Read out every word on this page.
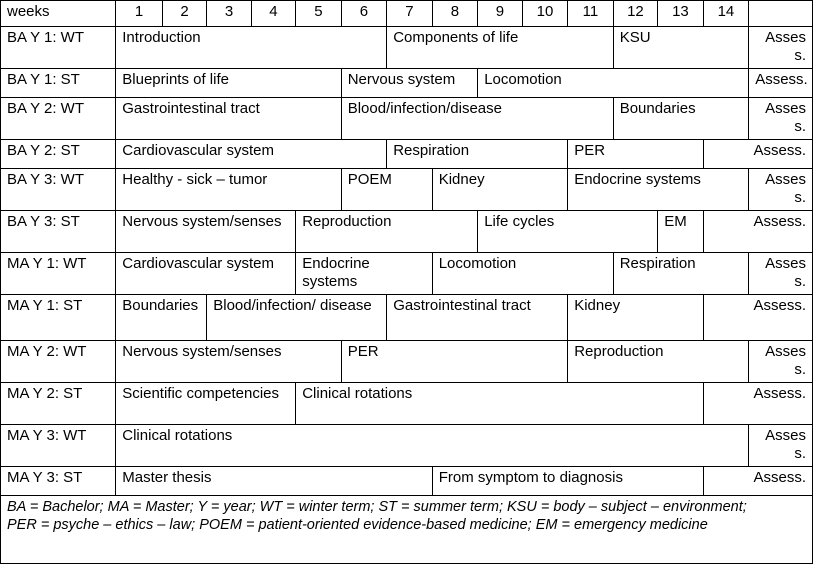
weeks	1	2	3	4	5	6	7	8	9	10	11	12	13	14	
BA Y 1: WT	Introduction						Components of life					KSU			Assess.
BA Y 1: ST	Blueprints of life					Nervous system			Locomotion						Assess.
BA Y 2: WT	Gastrointestinal tract					Blood/infection/disease						Boundaries			Assess.
BA Y 2: ST	Cardiovascular system						Respiration				PER			Assess.	
BA Y 3: WT	Healthy - sick – tumor					POEM		Kidney			Endocrine systems				Assess.
BA Y 3: ST	Nervous system/senses				Reproduction				Life cycles				EM	Assess.	
MA Y 1: WT	Cardiovascular system				Endocrine systems			Locomotion				Respiration			Assess.
MA Y 1: ST	Boundaries		Blood/infection/ disease				Gastrointestinal tract				Kidney			Assess.	
MA Y 2: WT	Nervous system/senses					PER					Reproduction				Assess.
MA Y 2: ST	Scientific competencies				Clinical rotations									Assess.	
MA Y 3: WT	Clinical rotations														Assess.
MA Y 3: ST	Master thesis							From symptom to diagnosis						Assess.	

BA = Bachelor; MA = Master; Y = year; WT = winter term; ST = summer term; KSU = body – subject – environment;
PER = psyche – ethics – law; POEM = patient-oriented evidence-based medicine; EM = emergency medicine															
